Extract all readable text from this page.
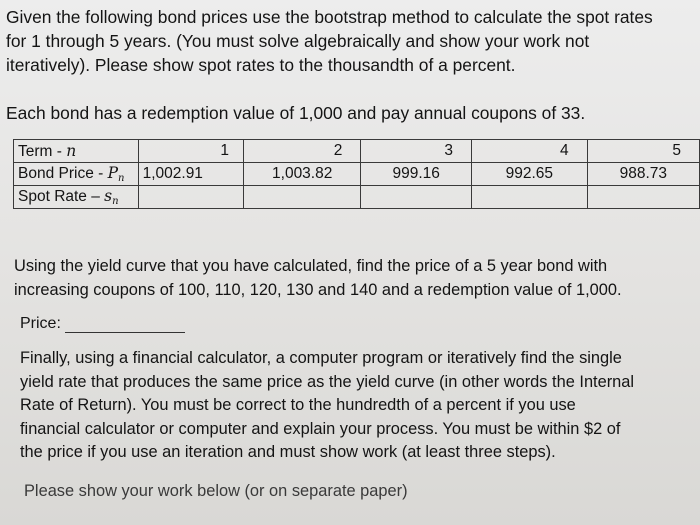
Given the following bond prices use the bootstrap method to calculate the spot rates
for 1 through 5 years. (You must solve algebraically and show your work not
iteratively). Please show spot rates to the thousandth of a percent.

Each bond has a redemption value of 1,000 and pay annual coupons of 33.

Term - n	1	2	3	4	5
Bond Price - $P_n$	1,002.91	1,003.82	999.16	992.65	988.73
Spot Rate – $s_n$					

Using the yield curve that you have calculated, find the price of a 5 year bond with
increasing coupons of 100, 110, 120, 130 and 140 and a redemption value of 1,000.

Price:

Finally, using a financial calculator, a computer program or iteratively find the single
yield rate that produces the same price as the yield curve (in other words the Internal
Rate of Return). You must be correct to the hundredth of a percent if you use
financial calculator or computer and explain your process. You must be within $2 of
the price if you use an iteration and must show work (at least three steps).

Please show your work below (or on separate paper)
